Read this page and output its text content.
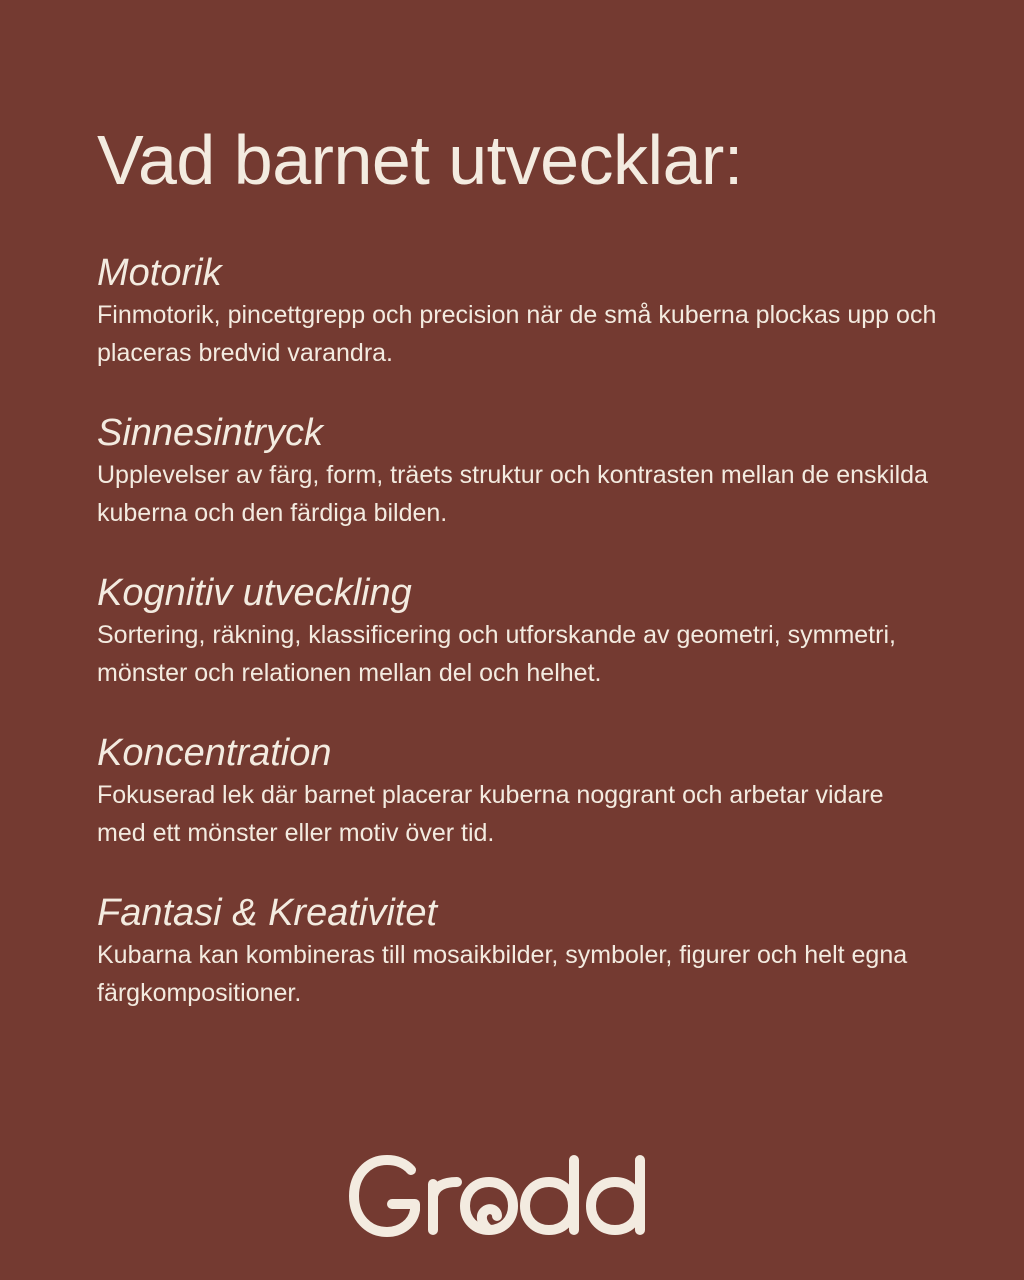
Vad barnet utvecklar:
Motorik

Finmotorik, pincettgrepp och precision när de små kuberna plockas upp och placeras bredvid varandra.

Sinnesintryck

Upplevelser av färg, form, träets struktur och kontrasten mellan de enskilda kuberna och den färdiga bilden.

Kognitiv utveckling

Sortering, räkning, klassificering och utforskande av geometri, symmetri, mönster och relationen mellan del och helhet.

Koncentration

Fokuserad lek där barnet placerar kuberna noggrant och arbetar vidare med ett mönster eller motiv över tid.

Fantasi & Kreativitet

Kubarna kan kombineras till mosaikbilder, symboler, figurer och helt egna färgkompositioner.
